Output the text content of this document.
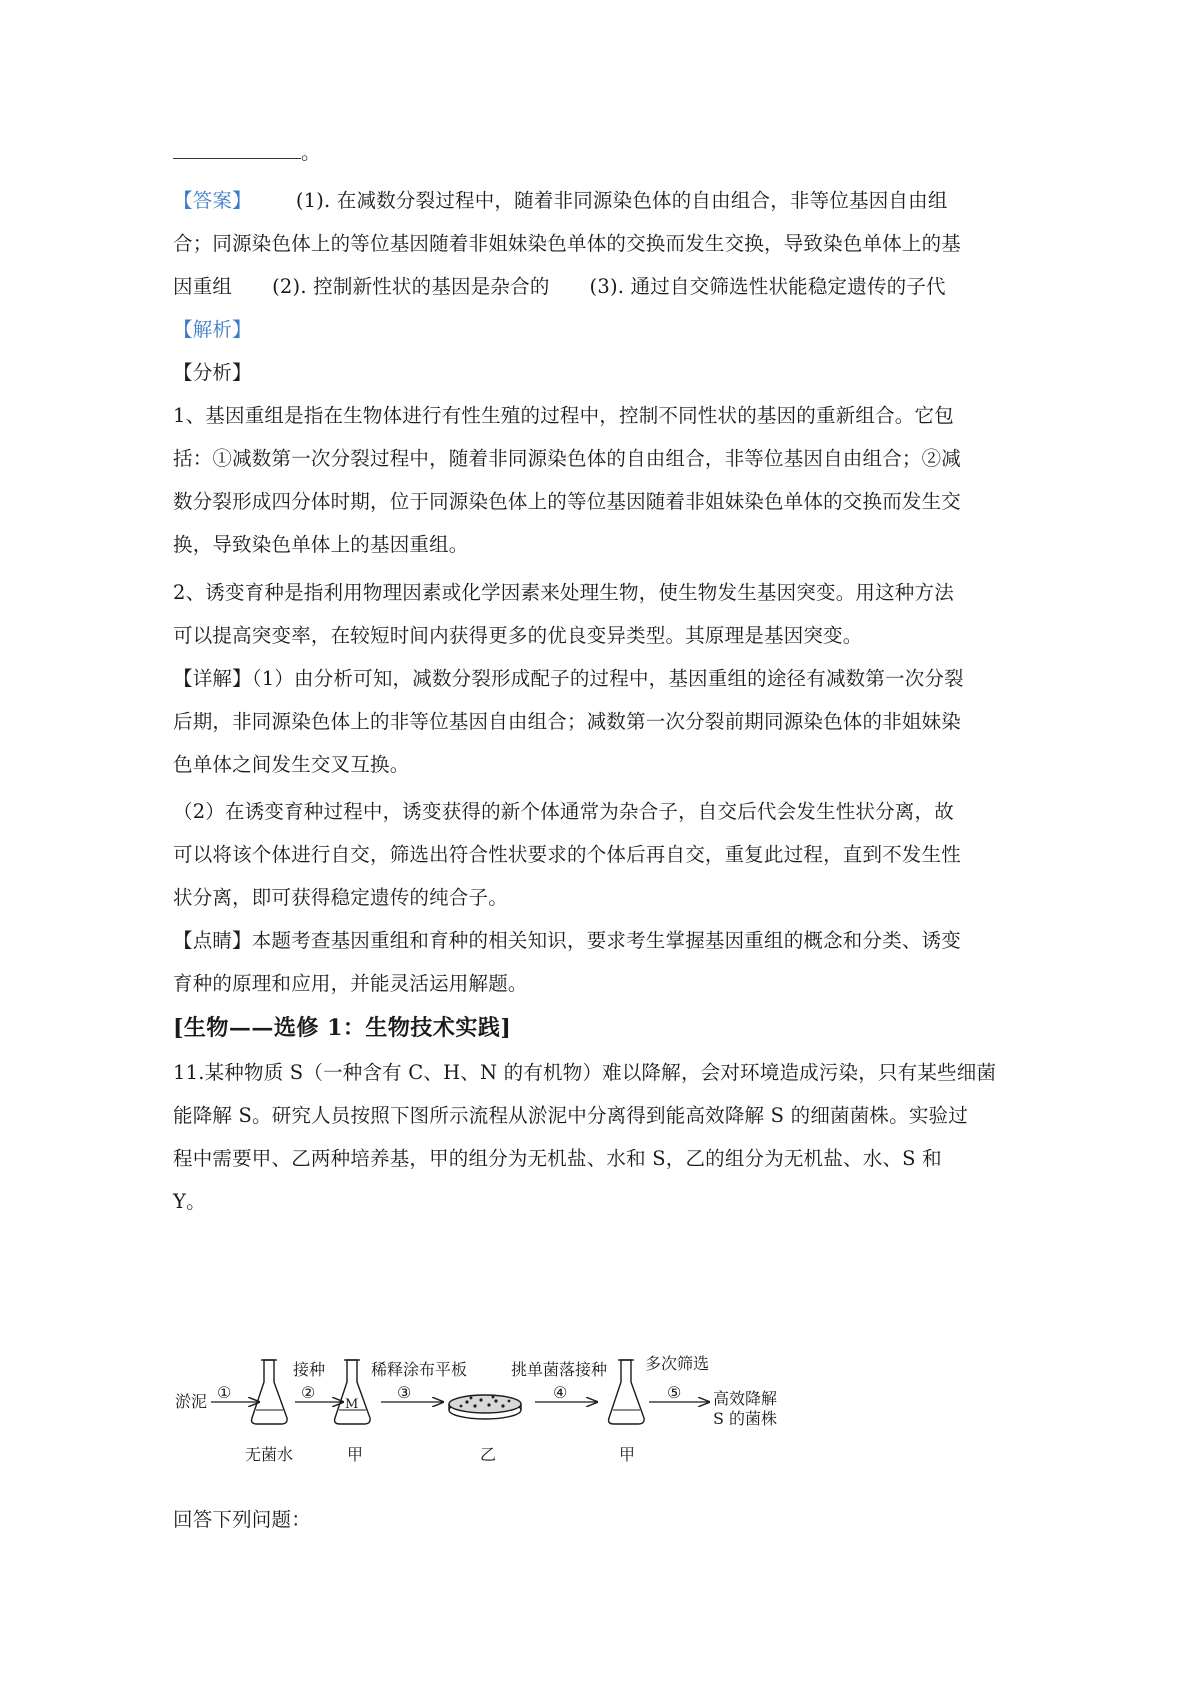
。
【答案】 (1). 在减数分裂过程中，随着非同源染色体的自由组合，非等位基因自由组
合；同源染色体上的等位基因随着非姐妹染色单体的交换而发生交换，导致染色单体上的基
因重组 (2). 控制新性状的基因是杂合的 (3). 通过自交筛选性状能稳定遗传的子代
【解析】
【分析】
1、基因重组是指在生物体进行有性生殖的过程中，控制不同性状的基因的重新组合。它包
括：①减数第一次分裂过程中，随着非同源染色体的自由组合，非等位基因自由组合；②减
数分裂形成四分体时期，位于同源染色体上的等位基因随着非姐妹染色单体的交换而发生交
换，导致染色单体上的基因重组。
2、诱变育种是指利用物理因素或化学因素来处理生物，使生物发生基因突变。用这种方法
可以提高突变率，在较短时间内获得更多的优良变异类型。其原理是基因突变。
【详解】（1）由分析可知，减数分裂形成配子的过程中，基因重组的途径有减数第一次分裂
后期，非同源染色体上的非等位基因自由组合；减数第一次分裂前期同源染色体的非姐妹染
色单体之间发生交叉互换。
（2）在诱变育种过程中，诱变获得的新个体通常为杂合子，自交后代会发生性状分离，故
可以将该个体进行自交，筛选出符合性状要求的个体后再自交，重复此过程，直到不发生性
状分离，即可获得稳定遗传的纯合子。
【点睛】本题考查基因重组和育种的相关知识，要求考生掌握基因重组的概念和分类、诱变
育种的原理和应用，并能灵活运用解题。
[生物——选修 1：生物技术实践]
11.某种物质 S（一种含有 C、H、N 的有机物）难以降解，会对环境造成污染，只有某些细菌
能降解 S。研究人员按照下图所示流程从淤泥中分离得到能高效降解 S 的细菌菌株。实验过
程中需要甲、乙两种培养基，甲的组分为无机盐、水和 S，乙的组分为无机盐、水、S 和
Y。
淤泥 ①
无菌水
接种
②
M
甲
稀释涂布平板
③
乙
挑单菌落接种
④
甲
多次筛选
⑤ 高效降解
S 的菌株
回答下列问题：
